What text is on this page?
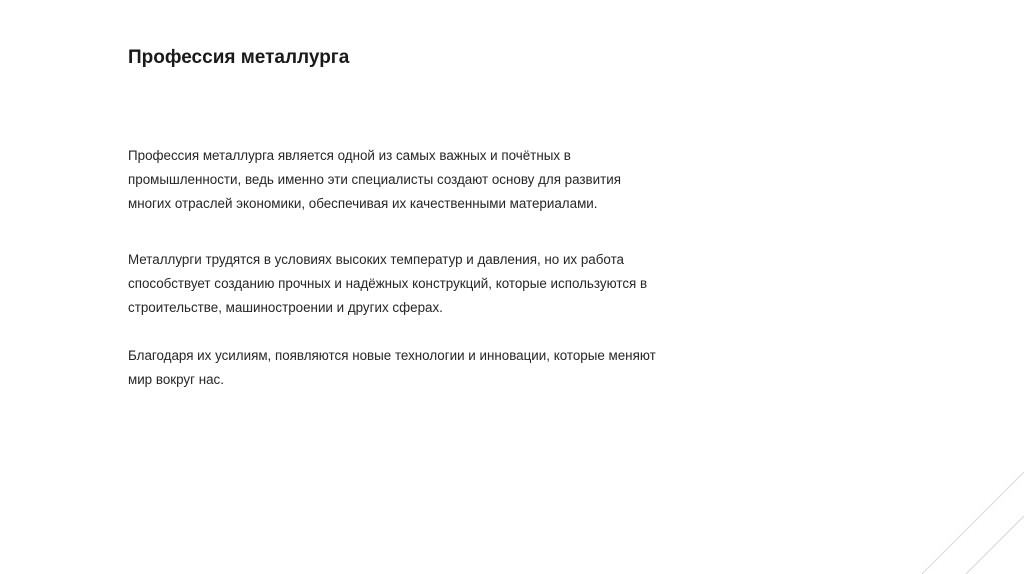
Профессия металлурга

Профессия металлурга является одной из самых важных и почётных в
промышленности, ведь именно эти специалисты создают основу для развития
многих отраслей экономики, обеспечивая их качественными материалами.

Металлурги трудятся в условиях высоких температур и давления, но их работа
способствует созданию прочных и надёжных конструкций, которые используются в
строительстве, машиностроении и других сферах.

Благодаря их усилиям, появляются новые технологии и инновации, которые меняют
мир вокруг нас.
